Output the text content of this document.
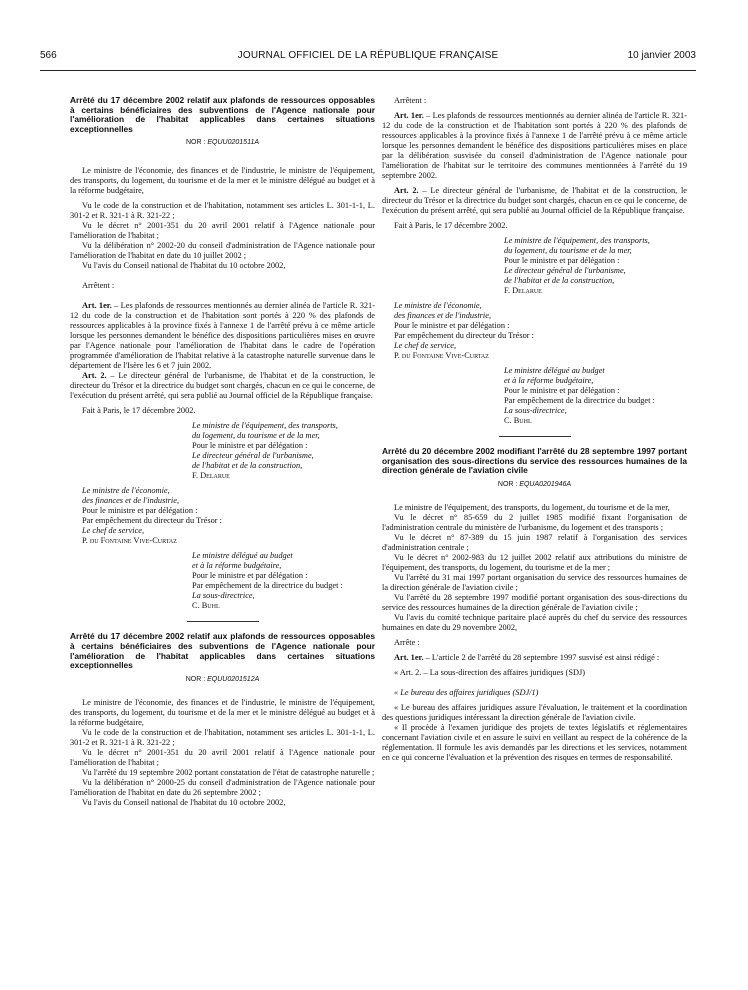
566	JOURNAL OFFICIEL DE LA RÉPUBLIQUE FRANÇAISE	10 janvier 2003

Arrêté du 17 décembre 2002 relatif aux plafonds de ressources opposables à certains bénéficiaires des subventions de l'Agence nationale pour l'amélioration de l'habitat applicables dans certaines situations exceptionnelles

NOR : EQUU0201511A

Le ministre de l'économie, des finances et de l'industrie, le ministre de l'équipement, des transports, du logement, du tourisme et de la mer et le ministre délégué au budget et à la réforme budgétaire,

Vu le code de la construction et de l'habitation, notamment ses articles L. 301-1-1, L. 301-2 et R. 321-1 à R. 321-22 ;

Vu le décret n° 2001-351 du 20 avril 2001 relatif à l'Agence nationale pour l'amélioration de l'habitat ;

Vu la délibération n° 2002-20 du conseil d'administration de l'Agence nationale pour l'amélioration de l'habitat en date du 10 juillet 2002 ;

Vu l'avis du Conseil national de l'habitat du 10 octobre 2002,

Arrêtent :

Art. 1er. – Les plafonds de ressources mentionnés au dernier alinéa de l'article R. 321-12 du code de la construction et de l'habitation sont portés à 220 % des plafonds de ressources applicables à la province fixés à l'annexe 1 de l'arrêté prévu à ce même article lorsque les personnes demandent le bénéfice des dispositions particulières mises en œuvre par l'Agence nationale pour l'amélioration de l'habitat dans le cadre de l'opération programmée d'amélioration de l'habitat relative à la catastrophe naturelle survenue dans le département de l'Isère les 6 et 7 juin 2002.

Art. 2. – Le directeur général de l'urbanisme, de l'habitat et de la construction, le directeur du Trésor et la directrice du budget sont chargés, chacun en ce qui le concerne, de l'exécution du présent arrêté, qui sera publié au Journal officiel de la République française.

Fait à Paris, le 17 décembre 2002.

Le ministre de l'équipement, des transports,

du logement, du tourisme et de la mer,

Pour le ministre et par délégation :

Le directeur général de l'urbanisme,

de l'habitat et de la construction,

F. Delarue

Le ministre de l'économie,

des finances et de l'industrie,

Pour le ministre et par délégation :

Par empêchement du directeur du Trésor :

Le chef de service,

P. du Fontaine Vive-Curtaz

Le ministre délégué au budget

et à la réforme budgétaire,

Pour le ministre et par délégation :

Par empêchement de la directrice du budget :

La sous-directrice,

C. Buhl

Arrêté du 17 décembre 2002 relatif aux plafonds de ressources opposables à certains bénéficiaires des subventions de l'Agence nationale pour l'amélioration de l'habitat applicables dans certaines situations exceptionnelles

NOR : EQUU0201512A

Le ministre de l'économie, des finances et de l'industrie, le ministre de l'équipement, des transports, du logement, du tourisme et de la mer et le ministre délégué au budget et à la réforme budgétaire,

Vu le code de la construction et de l'habitation, notamment ses articles L. 301-1-1, L. 301-2 et R. 321-1 à R. 321-22 ;

Vu le décret n° 2001-351 du 20 avril 2001 relatif à l'Agence nationale pour l'amélioration de l'habitat ;

Vu l'arrêté du 19 septembre 2002 portant constatation de l'état de catastrophe naturelle ;

Vu la délibération n° 2000-25 du conseil d'administration de l'Agence nationale pour l'amélioration de l'habitat en date du 26 septembre 2002 ;

Vu l'avis du Conseil national de l'habitat du 10 octobre 2002,

Arrêtent :

Art. 1er. – Les plafonds de ressources mentionnés au dernier alinéa de l'article R. 321-12 du code de la construction et de l'habitation sont portés à 220 % des plafonds de ressources applicables à la province fixés à l'annexe 1 de l'arrêté prévu à ce même article lorsque les personnes demandent le bénéfice des dispositions particulières mises en place par la délibération susvisée du conseil d'administration de l'Agence nationale pour l'amélioration de l'habitat sur le territoire des communes mentionnées à l'arrêté du 19 septembre 2002.

Art. 2. – Le directeur général de l'urbanisme, de l'habitat et de la construction, le directeur du Trésor et la directrice du budget sont chargés, chacun en ce qui le concerne, de l'exécution du présent arrêté, qui sera publié au Journal officiel de la République française.

Fait à Paris, le 17 décembre 2002.

Le ministre de l'équipement, des transports,

du logement, du tourisme et de la mer,

Pour le ministre et par délégation :

Le directeur général de l'urbanisme,

de l'habitat et de la construction,

F. Delarue

Le ministre de l'économie,

des finances et de l'industrie,

Pour le ministre et par délégation :

Par empêchement du directeur du Trésor :

Le chef de service,

P. du Fontaine Vive-Curtaz

Le ministre délégué au budget

et à la réforme budgétaire,

Pour le ministre et par délégation :

Par empêchement de la directrice du budget :

La sous-directrice,

C. Buhl

Arrêté du 20 décembre 2002 modifiant l'arrêté du 28 septembre 1997 portant organisation des sous-directions du service des ressources humaines de la direction générale de l'aviation civile

NOR : EQUA0201946A

Le ministre de l'équipement, des transports, du logement, du tourisme et de la mer,

Vu le décret n° 85-659 du 2 juillet 1985 modifié fixant l'organisation de l'administration centrale du ministère de l'urbanisme, du logement et des transports ;

Vu le décret n° 87-389 du 15 juin 1987 relatif à l'organisation des services d'administration centrale ;

Vu le décret n° 2002-983 du 12 juillet 2002 relatif aux attributions du ministre de l'équipement, des transports, du logement, du tourisme et de la mer ;

Vu l'arrêté du 31 mai 1997 portant organisation du service des ressources humaines de la direction générale de l'aviation civile ;

Vu l'arrêté du 28 septembre 1997 modifié portant organisation des sous-directions du service des ressources humaines de la direction générale de l'aviation civile ;

Vu l'avis du comité technique paritaire placé auprès du chef du service des ressources humaines en date du 29 novembre 2002,

Arrête :

Art. 1er. – L'article 2 de l'arrêté du 28 septembre 1997 susvisé est ainsi rédigé :

« Art. 2. – La sous-direction des affaires juridiques (SDJ)

« Le bureau des affaires juridiques (SDJ/1)

« Le bureau des affaires juridiques assure l'évaluation, le traitement et la coordination des questions juridiques intéressant la direction générale de l'aviation civile.

« Il procède à l'examen juridique des projets de textes législatifs et réglementaires concernant l'aviation civile et en assure le suivi en veillant au respect de la cohérence de la réglementation. Il formule les avis demandés par les directions et les services, notamment en ce qui concerne l'évaluation et la prévention des risques en termes de responsabilité.
